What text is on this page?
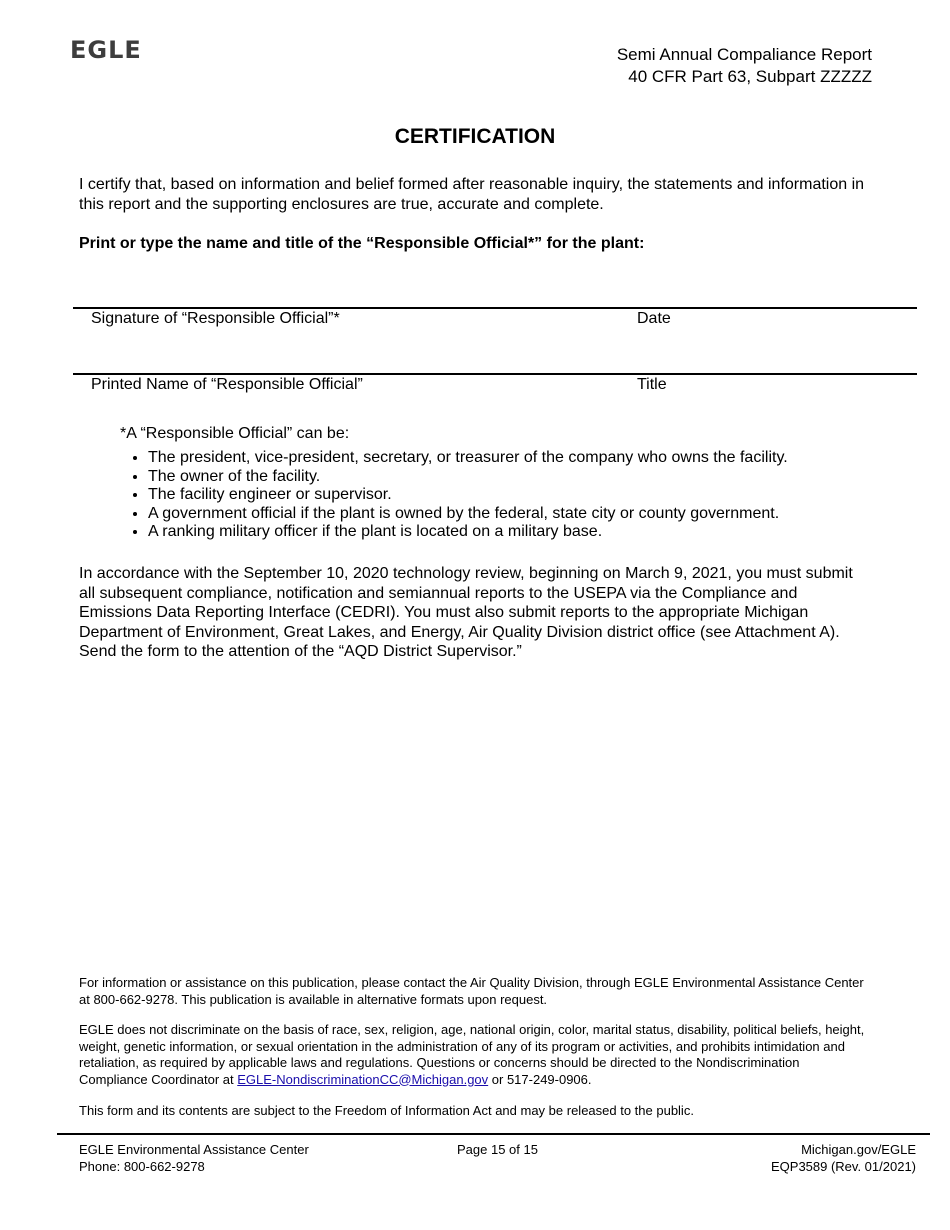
EGLE	Semi Annual Compaliance Report
40 CFR Part 63, Subpart ZZZZZ
CERTIFICATION
I certify that, based on information and belief formed after reasonable inquiry, the statements and information in this report and the supporting enclosures are true, accurate and complete.
Print or type the name and title of the “Responsible Official*” for the plant:
Signature of “Responsible Official”*	Date
Printed Name of “Responsible Official”	Title
*A “Responsible Official” can be:
• The president, vice-president, secretary, or treasurer of the company who owns the facility.
• The owner of the facility.
• The facility engineer or supervisor.
• A government official if the plant is owned by the federal, state city or county government.
• A ranking military officer if the plant is located on a military base.
In accordance with the September 10, 2020 technology review, beginning on March 9, 2021, you must submit all subsequent compliance, notification and semiannual reports to the USEPA via the Compliance and Emissions Data Reporting Interface (CEDRI). You must also submit reports to the appropriate Michigan Department of Environment, Great Lakes, and Energy, Air Quality Division district office (see Attachment A). Send the form to the attention of the “AQD District Supervisor.”
For information or assistance on this publication, please contact the Air Quality Division, through EGLE Environmental Assistance Center at 800-662-9278. This publication is available in alternative formats upon request.
EGLE does not discriminate on the basis of race, sex, religion, age, national origin, color, marital status, disability, political beliefs, height, weight, genetic information, or sexual orientation in the administration of any of its program or activities, and prohibits intimidation and retaliation, as required by applicable laws and regulations. Questions or concerns should be directed to the Nondiscrimination Compliance Coordinator at EGLE-NondiscriminationCC@Michigan.gov or 517-249-0906.
This form and its contents are subject to the Freedom of Information Act and may be released to the public.
EGLE Environmental Assistance Center
Phone: 800-662-9278
Page 15 of 15	Michigan.gov/EGLE
EQP3589 (Rev. 01/2021)
